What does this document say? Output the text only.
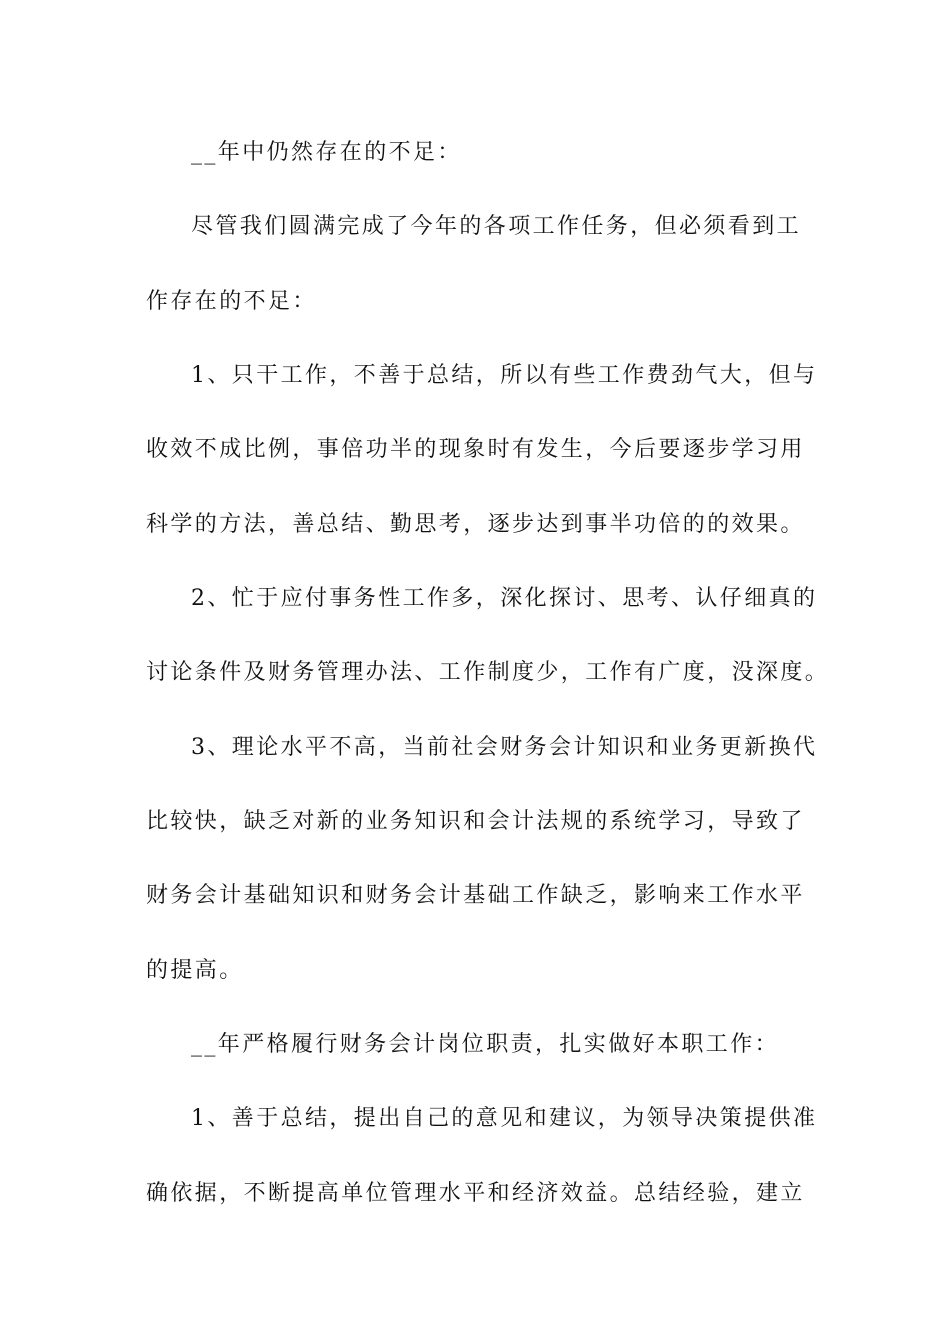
__年中仍然存在的不足：
尽管我们圆满完成了今年的各项工作任务，但必须看到工
作存在的不足：
1、只干工作，不善于总结，所以有些工作费劲气大，但与
收效不成比例，事倍功半的现象时有发生，今后要逐步学习用
科学的方法，善总结、勤思考，逐步达到事半功倍的的效果。
2、忙于应付事务性工作多，深化探讨、思考、认仔细真的
讨论条件及财务管理办法、工作制度少，工作有广度，没深度。
3、理论水平不高，当前社会财务会计知识和业务更新换代
比较快，缺乏对新的业务知识和会计法规的系统学习，导致了
财务会计基础知识和财务会计基础工作缺乏，影响来工作水平
的提高。
__年严格履行财务会计岗位职责，扎实做好本职工作：
1、善于总结，提出自己的意见和建议，为领导决策提供准
确依据，不断提高单位管理水平和经济效益。总结经验，建立
